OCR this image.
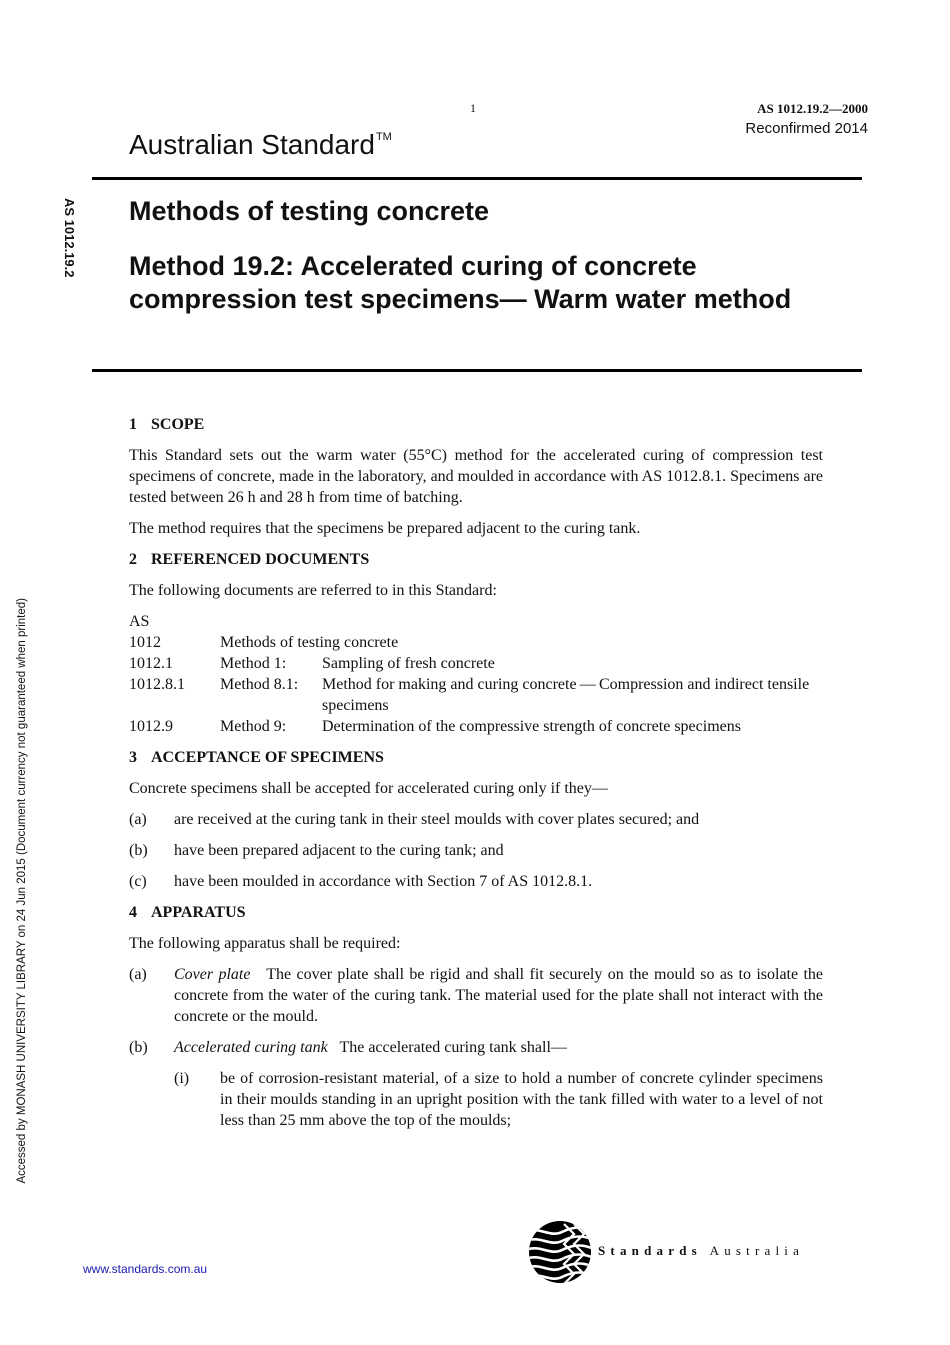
1	AS 1012.19.2—2000
Reconfirmed 2014
Australian Standard™
AS 1012.19.2
Accessed by MONASH UNIVERSITY LIBRARY on 24 Jun 2015 (Document currency not guaranteed when printed)
Methods of testing concrete
Method 19.2: Accelerated curing of concrete compression test specimens— Warm water method
1 SCOPE

This Standard sets out the warm water (55°C) method for the accelerated curing of compression test specimens of concrete, made in the laboratory, and moulded in accordance with AS 1012.8.1. Specimens are tested between 26 h and 28 h from time of batching.

The method requires that the specimens be prepared adjacent to the curing tank.

2 REFERENCED DOCUMENTS

The following documents are referred to in this Standard:

AS
1012	Methods of testing concrete
1012.1	Method 1:	Sampling of fresh concrete
1012.8.1	Method 8.1:	Method for making and curing concrete — Compression and indirect tensile specimens
1012.9	Method 9:	Determination of the compressive strength of concrete specimens
3 ACCEPTANCE OF SPECIMENS

Concrete specimens shall be accepted for accelerated curing only if they—

(a)	are received at the curing tank in their steel moulds with cover plates secured; and
(b)	have been prepared adjacent to the curing tank; and
(c)	have been moulded in accordance with Section 7 of AS 1012.8.1.
4 APPARATUS

The following apparatus shall be required:

(a)	Cover plate The cover plate shall be rigid and shall fit securely on the mould so as to isolate the concrete from the water of the curing tank. The material used for the plate shall not interact with the concrete or the mould.
(b)	Accelerated curing tank The accelerated curing tank shall—
(i)	be of corrosion-resistant material, of a size to hold a number of concrete cylinder specimens in their moulds standing in an upright position with the tank filled with water to a level of not less than 25 mm above the top of the moulds;
Standards Australia
www.standards.com.au
